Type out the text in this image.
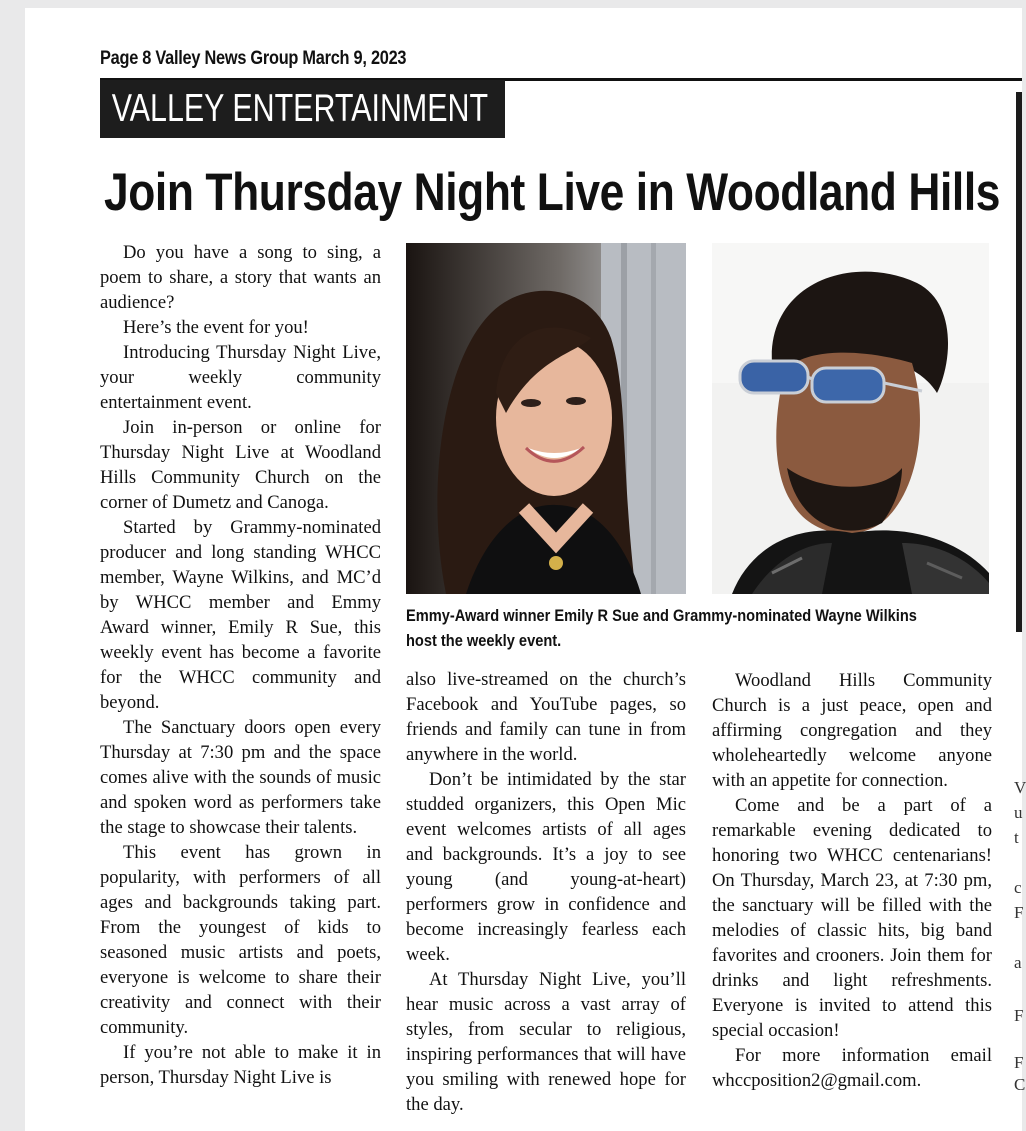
Page 8 Valley News Group March 9, 2023
VALLEY ENTERTAINMENT
Join Thursday Night Live in Woodland Hills

Do you have a song to sing, a poem to share, a story that wants an audience?

Here’s the event for you!

Introducing Thursday Night Live, your weekly community entertainment event.

Join in-person or online for Thursday Night Live at Woodland Hills Community Church on the corner of Dumetz and Canoga.

Started by Grammy-nominated producer and long standing WHCC member, Wayne Wilkins, and MC’d by WHCC member and Emmy Award winner, Emily R Sue, this weekly event has become a favorite for the WHCC community and beyond.

The Sanctuary doors open every Thursday at 7:30 pm and the space comes alive with the sounds of music and spoken word as performers take the stage to showcase their talents.

This event has grown in popularity, with performers of all ages and backgrounds taking part. From the youngest of kids to seasoned music artists and poets, everyone is welcome to share their creativity and connect with their community.

If you’re not able to make it in person, Thursday Night Live is

Emmy-Award winner Emily R Sue and Grammy-nominated Wayne Wilkins host the weekly event.

also live-streamed on the church’s Facebook and YouTube pages, so friends and family can tune in from anywhere in the world.

Don’t be intimidated by the star studded organizers, this Open Mic event welcomes artists of all ages and backgrounds. It’s a joy to see young (and young-at-heart) performers grow in confidence and become increasingly fearless each week.

At Thursday Night Live, you’ll hear music across a vast array of styles, from secular to religious, inspiring performances that will have you smiling with renewed hope for the day.

Woodland Hills Community Church is a just peace, open and affirming congregation and they wholeheartedly welcome anyone with an appetite for connection.

Come and be a part of a remarkable evening dedicated to honoring two WHCC centenarians! On Thursday, March 23, at 7:30 pm, the sanctuary will be filled with the melodies of classic hits, big band favorites and crooners. Join them for drinks and light refreshments. Everyone is invited to attend this special occasion!

For more information email whccposition2@gmail.com.

V
u
t
c
F
a
F
F
C
